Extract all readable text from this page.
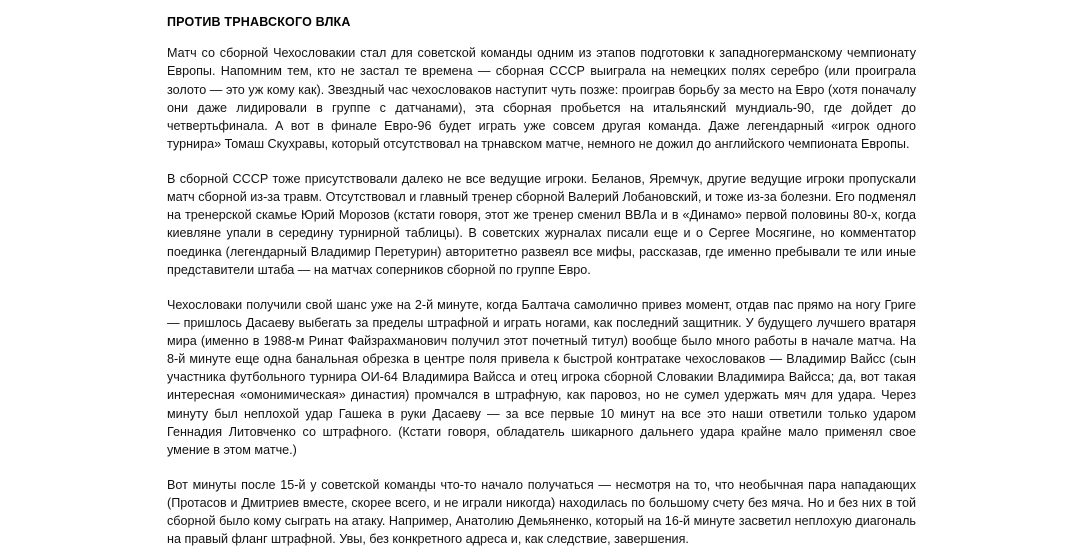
ПРОТИВ ТРНАВСКОГО ВЛКА

Матч со сборной Чехословакии стал для советской команды одним из этапов подготовки к западногерманскому чемпионату Европы. Напомним тем, кто не застал те времена — сборная СССР выиграла на немецких полях серебро (или проиграла золото — это уж кому как). Звездный час чехословаков наступит чуть позже: проиграв борьбу за место на Евро (хотя поначалу они даже лидировали в группе с датчанами), эта сборная пробьется на итальянский мундиаль-90, где дойдет до четвертьфинала. А вот в финале Евро-96 будет играть уже совсем другая команда. Даже легендарный «игрок одного турнира» Томаш Скухравы, который отсутствовал на трнавском матче, немного не дожил до английского чемпионата Европы.

В сборной СССР тоже присутствовали далеко не все ведущие игроки. Беланов, Яремчук, другие ведущие игроки пропускали матч сборной из-за травм. Отсутствовал и главный тренер сборной Валерий Лобановский, и тоже из-за болезни. Его подменял на тренерской скамье Юрий Морозов (кстати говоря, этот же тренер сменил ВВЛа и в «Динамо» первой половины 80-х, когда киевляне упали в середину турнирной таблицы). В советских журналах писали еще и о Сергее Мосягине, но комментатор поединка (легендарный Владимир Перетурин) авторитетно развеял все мифы, рассказав, где именно пребывали те или иные представители штаба — на матчах соперников сборной по группе Евро.

Чехословаки получили свой шанс уже на 2-й минуте, когда Балтача самолично привез момент, отдав пас прямо на ногу Григе — пришлось Дасаеву выбегать за пределы штрафной и играть ногами, как последний защитник. У будущего лучшего вратаря мира (именно в 1988-м Ринат Файзрахманович получил этот почетный титул) вообще было много работы в начале матча. На 8-й минуте еще одна банальная обрезка в центре поля привела к быстрой контратаке чехословаков — Владимир Вайсс (сын участника футбольного турнира ОИ-64 Владимира Вайсса и отец игрока сборной Словакии Владимира Вайсса; да, вот такая интересная «омонимическая» династия) промчался в штрафную, как паровоз, но не сумел удержать мяч для удара. Через минуту был неплохой удар Гашека в руки Дасаеву — за все первые 10 минут на все это наши ответили только ударом Геннадия Литовченко со штрафного. (Кстати говоря, обладатель шикарного дальнего удара крайне мало применял свое умение в этом матче.)

Вот минуты после 15-й у советской команды что-то начало получаться — несмотря на то, что необычная пара нападающих (Протасов и Дмитриев вместе, скорее всего, и не играли никогда) находилась по большому счету без мяча. Но и без них в той сборной было кому сыграть на атаку. Например, Анатолию Демьяненко, который на 16-й минуте засветил неплохую диагональ на правый фланг штрафной. Увы, без конкретного адреса и, как следствие, завершения.
